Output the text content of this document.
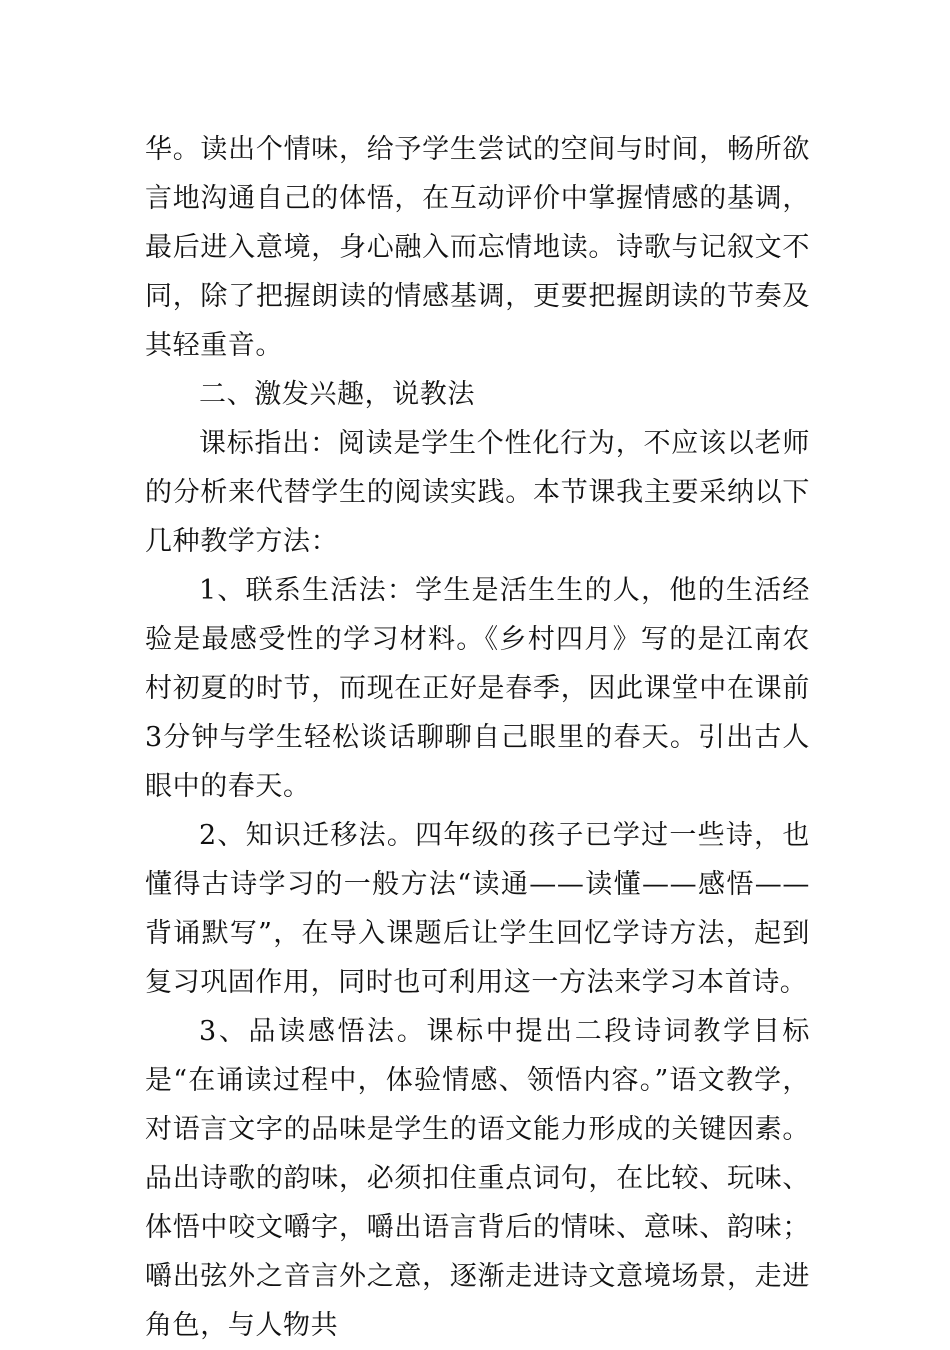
华。读出个情味，给予学生尝试的空间与时间，畅所欲言地沟通自己的体悟，在互动评价中掌握情感的基调，最后进入意境，身心融入而忘情地读。诗歌与记叙文不同，除了把握朗读的情感基调，更要把握朗读的节奏及其轻重音。

二、激发兴趣，说教法

课标指出：阅读是学生个性化行为，不应该以老师的分析来代替学生的阅读实践。本节课我主要采纳以下几种教学方法：

1、联系生活法：学生是活生生的人，他的生活经验是最感受性的学习材料。《乡村四月》写的是江南农村初夏的时节，而现在正好是春季，因此课堂中在课前3分钟与学生轻松谈话聊聊自己眼里的春天。引出古人眼中的春天。

2、知识迁移法。四年级的孩子已学过一些诗，也懂得古诗学习的一般方法“读通——读懂——感悟——背诵默写”，在导入课题后让学生回忆学诗方法，起到复习巩固作用，同时也可利用这一方法来学习本首诗。

3、品读感悟法。课标中提出二段诗词教学目标是“在诵读过程中，体验情感、领悟内容。”语文教学，对语言文字的品味是学生的语文能力形成的关键因素。品出诗歌的韵味，必须扣住重点词句，在比较、玩味、体悟中咬文嚼字，嚼出语言背后的情味、意味、韵味；嚼出弦外之音言外之意，逐渐走进诗文意境场景，走进角色，与人物共
